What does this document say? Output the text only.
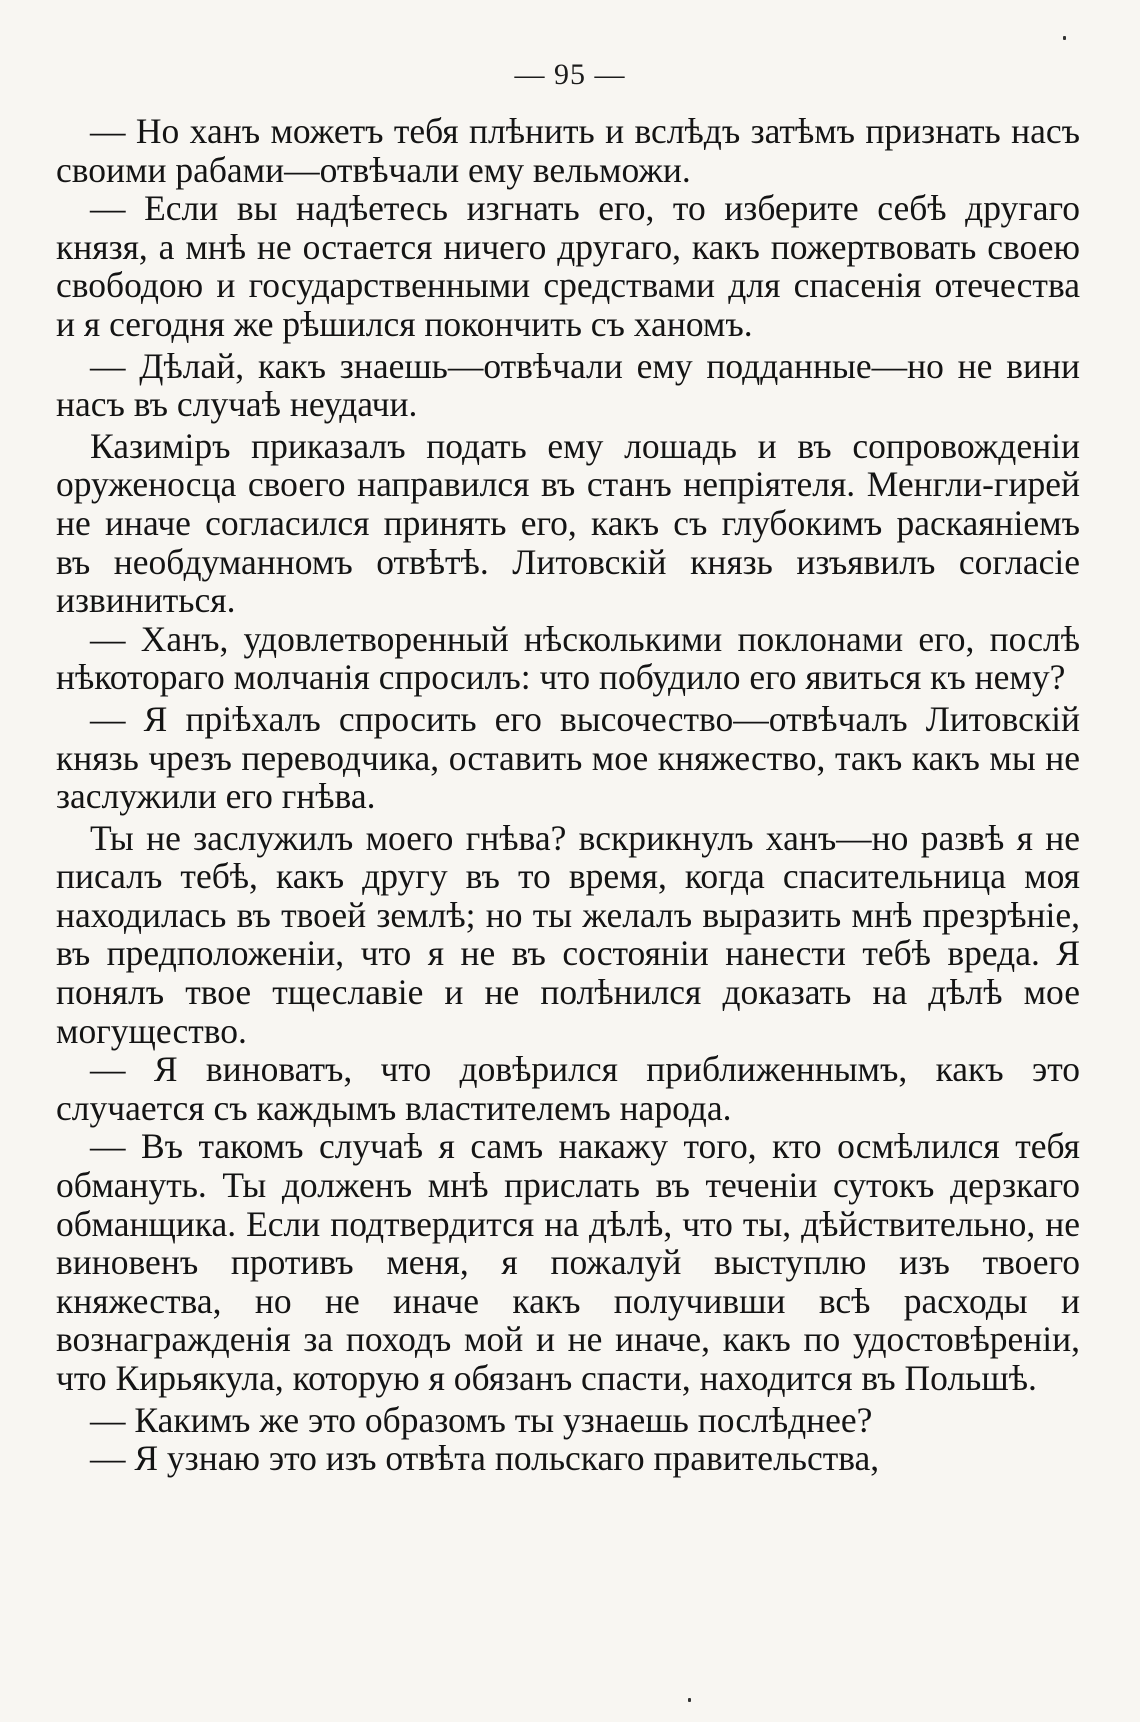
— 95 —

— Но ханъ можетъ тебя плѣнить и вслѣдъ затѣмъ признать насъ своими рабами—отвѣчали ему вельможи.

— Если вы надѣетесь изгнать его, то изберите себѣ другаго князя, а мнѣ не остается ничего другаго, какъ пожертвовать своею свободою и государственными средствами для спасенія отечества и я сегодня же рѣшился покончить съ ханомъ.

— Дѣлай, какъ знаешь—отвѣчали ему подданные—но не вини насъ въ случаѣ неудачи.

Казиміръ приказалъ подать ему лошадь и въ сопровожденіи оруженосца своего направился въ станъ непріятеля. Менгли-гирей не иначе согласился принять его, какъ съ глубокимъ раскаяніемъ въ необдуманномъ отвѣтѣ. Литовскій князь изъявилъ согласіе извиниться.

— Ханъ, удовлетворенный нѣсколькими поклонами его, послѣ нѣкотораго молчанія спросилъ: что побудило его явиться къ нему?

— Я пріѣхалъ спросить его высочество—отвѣчалъ Литовскій князь чрезъ переводчика, оставить мое княжество, такъ какъ мы не заслужили его гнѣва.

Ты не заслужилъ моего гнѣва? вскрикнулъ ханъ—но развѣ я не писалъ тебѣ, какъ другу въ то время, когда спасительница моя находилась въ твоей землѣ; но ты желалъ выразить мнѣ презрѣніе, въ предположеніи, что я не въ состояніи нанести тебѣ вреда. Я понялъ твое тщеславіе и не полѣнился доказать на дѣлѣ мое могущество.

— Я виноватъ, что довѣрился приближеннымъ, какъ это случается съ каждымъ властителемъ народа.

— Въ такомъ случаѣ я самъ накажу того, кто осмѣлился тебя обмануть. Ты долженъ мнѣ прислать въ теченіи сутокъ дерзкаго обманщика. Если подтвердится на дѣлѣ, что ты, дѣйствительно, не виновенъ противъ меня, я пожалуй выступлю изъ твоего княжества, но не иначе какъ получивши всѣ расходы и вознагражденія за походъ мой и не иначе, какъ по удостовѣреніи, что Кирьякула, которую я обязанъ спасти, находится въ Польшѣ.

— Какимъ же это образомъ ты узнаешь послѣднее?

— Я узнаю это изъ отвѣта польскаго правительства,
